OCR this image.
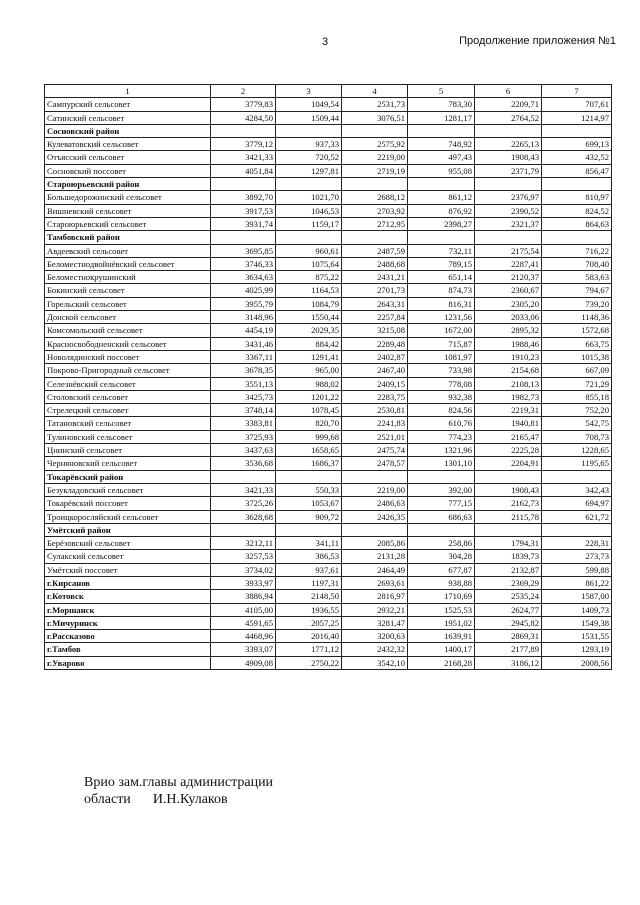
3	Продолжение приложения №1
1	2	3	4	5	6	7
Сампурский сельсовет	3779,83	1049,54	2531,73	783,30	2209,71	707,61
Сатинский сельсовет	4284,50	1509,44	3076,51	1281,17	2764,52	1214,97
Сосновский район						
Кулеватовский сельсовет	3779,12	937,33	2575,92	748,92	2265,13	699,13
Отъясский сельсовет	3421,33	720,52	2219,00	497,43	1908,43	432,52
Сосновский поссовет	4051,84	1297,81	2719,19	955,08	2371,79	856,47
Староюрьевский район						
Большедорожинский сельсовет	3892,70	1021,70	2688,12	861,12	2376,97	810,97
Вишневский сельсовет	3917,53	1046,53	2703,92	876,92	2390,52	824,52
Староюрьевский сельсовет	3931,74	1159,17	2712,95	2398,27	2321,37	864,63
Тамбовский район						
Авдеевский сельсовет	3695,85	960,61	2487,59	732,11	2175,54	716,22
Беломестнодвойнёвский сельсовет	3746,33	1075,64	2488,68	789,15	2287,41	708,40
Беломестнокрушинский	3634,63	875,22	2431,21	651,14	2120,37	583,63
Бокинский сельсовет	4025,99	1164,53	2701,73	874,73	2360,67	794,67
Горельский сельсовет	3955,79	1084,79	2643,31	816,31	2305,20	739,20
Донской сельсовет	3148,96	1550,44	2257,84	1231,56	2033,06	1148,36
Комсомольский сельсовет	4454,19	2029,35	3215,08	1672,00	2895,32	1572,68
Красносвободненский сельсовет	3431,46	884,42	2289,48	715,87	1988,46	663,75
Новолядинский поссовет	3367,11	1291,41	2402,87	1081,97	1910,23	1015,38
Покрово-Пригородный сельсовет	3678,35	965,00	2467,40	733,98	2154,68	667,09
Селезнёвский сельсовет	3551,13	988,02	2409,15	778,08	2108,13	721,29
Столовский сельсовет	3425,73	1201,22	2283,75	932,38	1982,73	855,18
Стрелецкий сельсовет	3748,14	1078,45	2530,81	824,56	2219,31	752,20
Татановский сельсовет	3383,81	820,70	2241,83	610,76	1940,81	542,75
Тулиновский сельсовет	3725,93	999,68	2521,01	774,23	2165,47	708,73
Цнинский сельсовет	3437,63	1658,65	2475,74	1321,96	2225,28	1228,65
Черняновский сельсовет	3536,68	1686,37	2478,57	1301,10	2204,91	1195,65
Токарёвский район						
Безукладовский сельсовет	3421,33	550,33	2219,00	392,00	1908,43	342,43
Токарёвский поссовет	3725,26	1053,67	2486,63	777,15	2162,73	694,97
Троицкоросляйский сельсовет	3628,68	909,72	2426,35	686,63	2115,78	621,72
Умётский район						
Берёзовский сельсовет	3212,11	341,11	2085,86	258,86	1794,31	228,31
Сулакский сельсовет	3257,53	386,53	2131,28	304,28	1839,73	273,73
Умётский поссовет	3734,02	937,61	2464,49	677,87	2132,87	599,88
г.Кирсанов	3933,97	1197,31	2693,61	938,88	2369,29	861,22
г.Котовск	3886,94	2148,50	2816,97	1710,69	2535,24	1587,00
г.Моршанск	4105,00	1936,55	2932,21	1525,53	2624,77	1409,73
г.Мичуринск	4591,65	2057,25	3281,47	1951,02	2945,82	1549,38
г.Рассказово	4468,96	2016,40	3200,63	1639,91	2869,31	1531,55
г.Тамбов	3393,07	1771,12	2432,32	1400,17	2177,89	1293,19
г.Уварово	4909,08	2750,22	3542,10	2168,28	3186,12	2008,56
Врио зам.главы администрации
области И.Н.Кулаков
